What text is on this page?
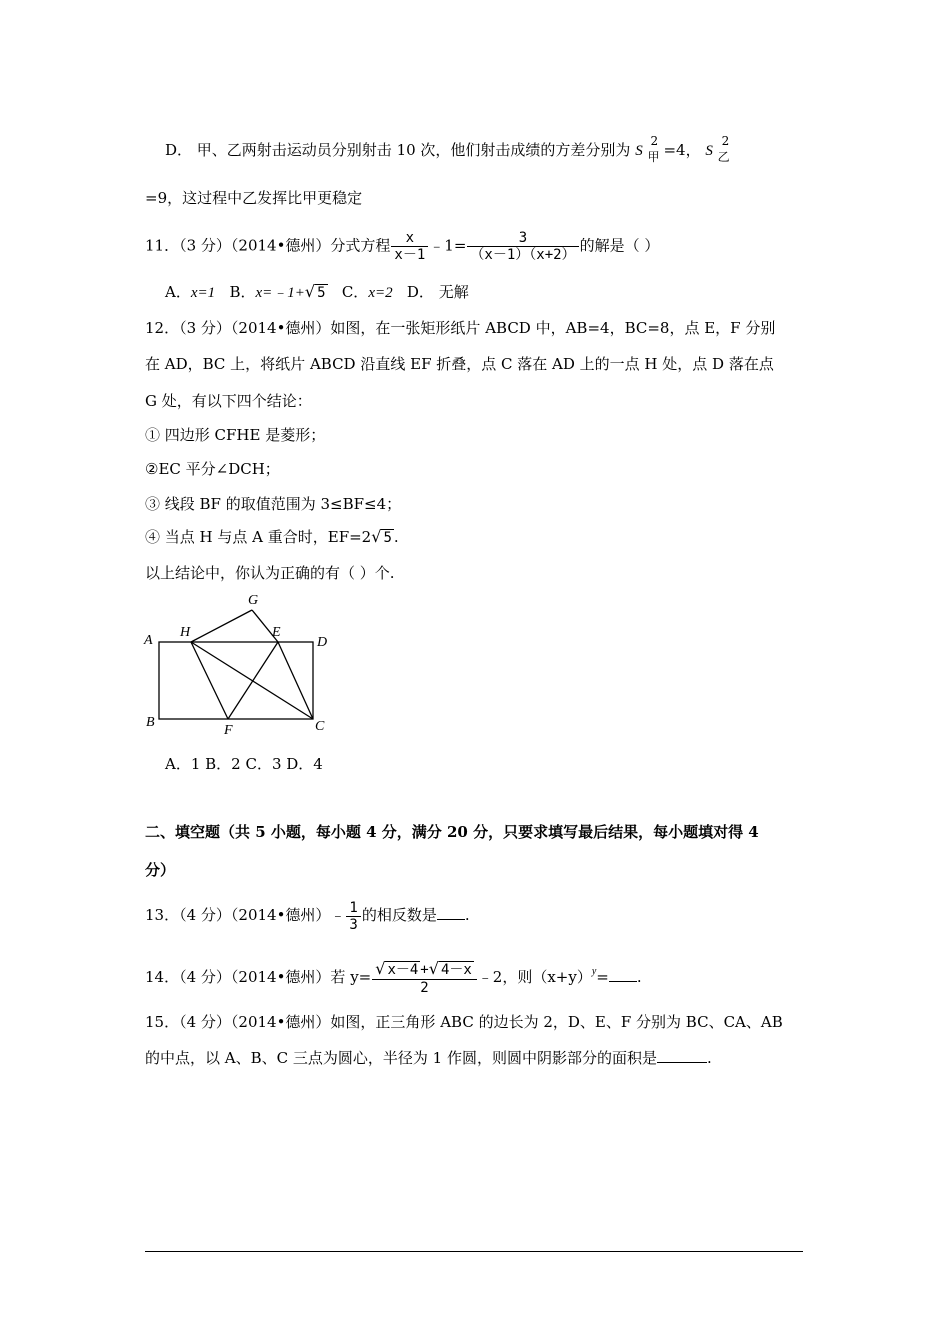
D． 甲、乙两射击运动员分别射击 10 次，他们射击成绩的方差分别为 S
2
甲 =4， S
2
乙
=9，这过程中乙发挥比甲更稳定
11．（3 分）（2014•德州）分式方程 $\frac{x}{x-1}$ ﹣1= $\frac{3}{(x-1)(x+2)}$ 的解是（ ）
A．x=1 B．x=﹣1+√ 5 C．x=2 D． 无解
12．（3 分）（2014•德州）如图，在一张矩形纸片 ABCD 中，AB=4，BC=8，点 E，F 分别
在 AD，BC 上，将纸片 ABCD 沿直线 EF 折叠，点 C 落在 AD 上的一点 H 处，点 D 落在点
G 处，有以下四个结论：
① 四边形 CFHE 是菱形；
②EC 平分∠DCH；
③ 线段 BF 的取值范围为 3≤BF≤4；
④ 当点 H 与点 A 重合时，EF=2√ 5 .
以上结论中，你认为正确的有（ ）个.
G
A
H	E
D
B
F	C
A．1 B．2 C．3 D．4
二、填空题（共 5 小题，每小题 4 分，满分 20 分，只要求填写最后结果，每小题填对得 4
分）
13．（4 分）（2014•德州）﹣ $\frac{1}{3}$ 的相反数是 .
14．（4 分）（2014•德州）若 $y= \frac{√ x-4 +√ 4-x}{2}$ ﹣2，则$(x+y)^y=$ .
15．（4 分）（2014•德州）如图，正三角形 ABC 的边长为 2，D、E、F 分别为 BC、CA、AB
的中点，以 A、B、C 三点为圆心，半径为 1 作圆，则圆中阴影部分的面积是	.
